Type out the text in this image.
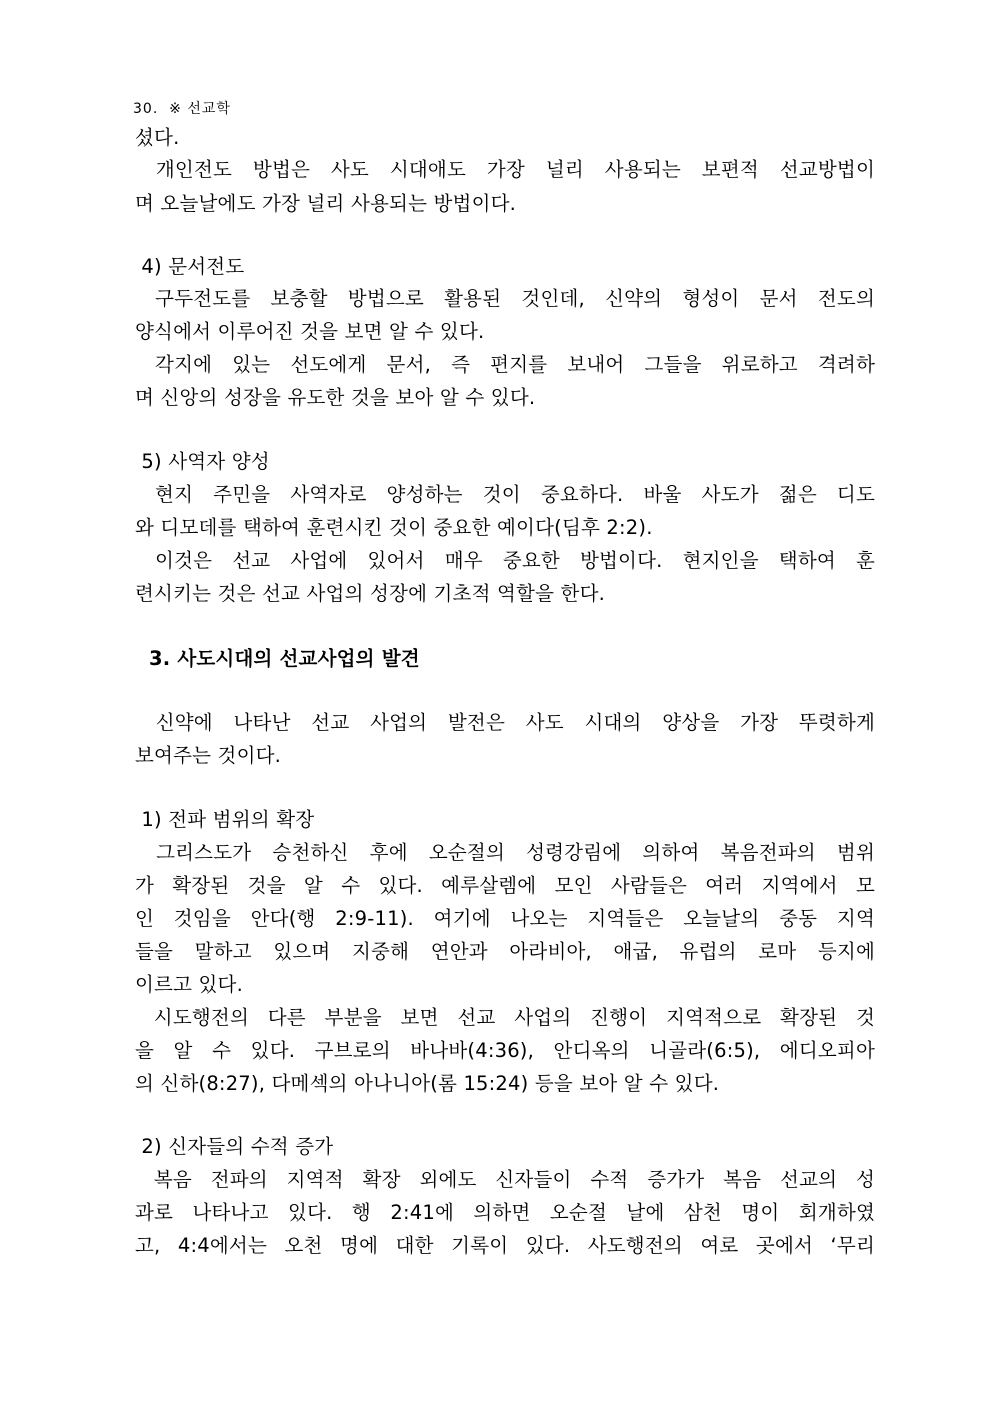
30. ※ 선교학
셨다.
개인전도 방법은 사도 시대애도 가장 널리 사용되는 보편적 선교방법이
며 오늘날에도 가장 널리 사용되는 방법이다.
4) 문서전도
구두전도를 보충할 방법으로 활용된 것인데, 신약의 형성이 문서 전도의
양식에서 이루어진 것을 보면 알 수 있다.
각지에 있는 선도에게 문서, 즉 편지를 보내어 그들을 위로하고 격려하
며 신앙의 성장을 유도한 것을 보아 알 수 있다.
5) 사역자 양성
현지 주민을 사역자로 양성하는 것이 중요하다. 바울 사도가 젊은 디도
와 디모데를 택하여 훈련시킨 것이 중요한 예이다(딤후 2:2).
이것은 선교 사업에 있어서 매우 중요한 방법이다. 현지인을 택하여 훈
련시키는 것은 선교 사업의 성장에 기초적 역할을 한다.
3. 사도시대의 선교사업의 발견
신약에 나타난 선교 사업의 발전은 사도 시대의 양상을 가장 뚜렷하게
보여주는 것이다.
1) 전파 범위의 확장
그리스도가 승천하신 후에 오순절의 성령강림에 의하여 복음전파의 범위
가 확장된 것을 알 수 있다. 예루살렘에 모인 사람들은 여러 지역에서 모
인 것임을 안다(행 2:9-11). 여기에 나오는 지역들은 오늘날의 중동 지역
들을 말하고 있으며 지중해 연안과 아라비아, 애굽, 유럽의 로마 등지에
이르고 있다.
시도행전의 다른 부분을 보면 선교 사업의 진행이 지역적으로 확장된 것
을 알 수 있다. 구브로의 바나바(4:36), 안디옥의 니골라(6:5), 에디오피아
의 신하(8:27), 다메섹의 아나니아(롬 15:24) 등을 보아 알 수 있다.
2) 신자들의 수적 증가
복음 전파의 지역적 확장 외에도 신자들이 수적 증가가 복음 선교의 성
과로 나타나고 있다. 행 2:41에 의하면 오순절 날에 삼천 명이 회개하였
고, 4:4에서는 오천 명에 대한 기록이 있다. 사도행전의 여로 곳에서 ‘무리
